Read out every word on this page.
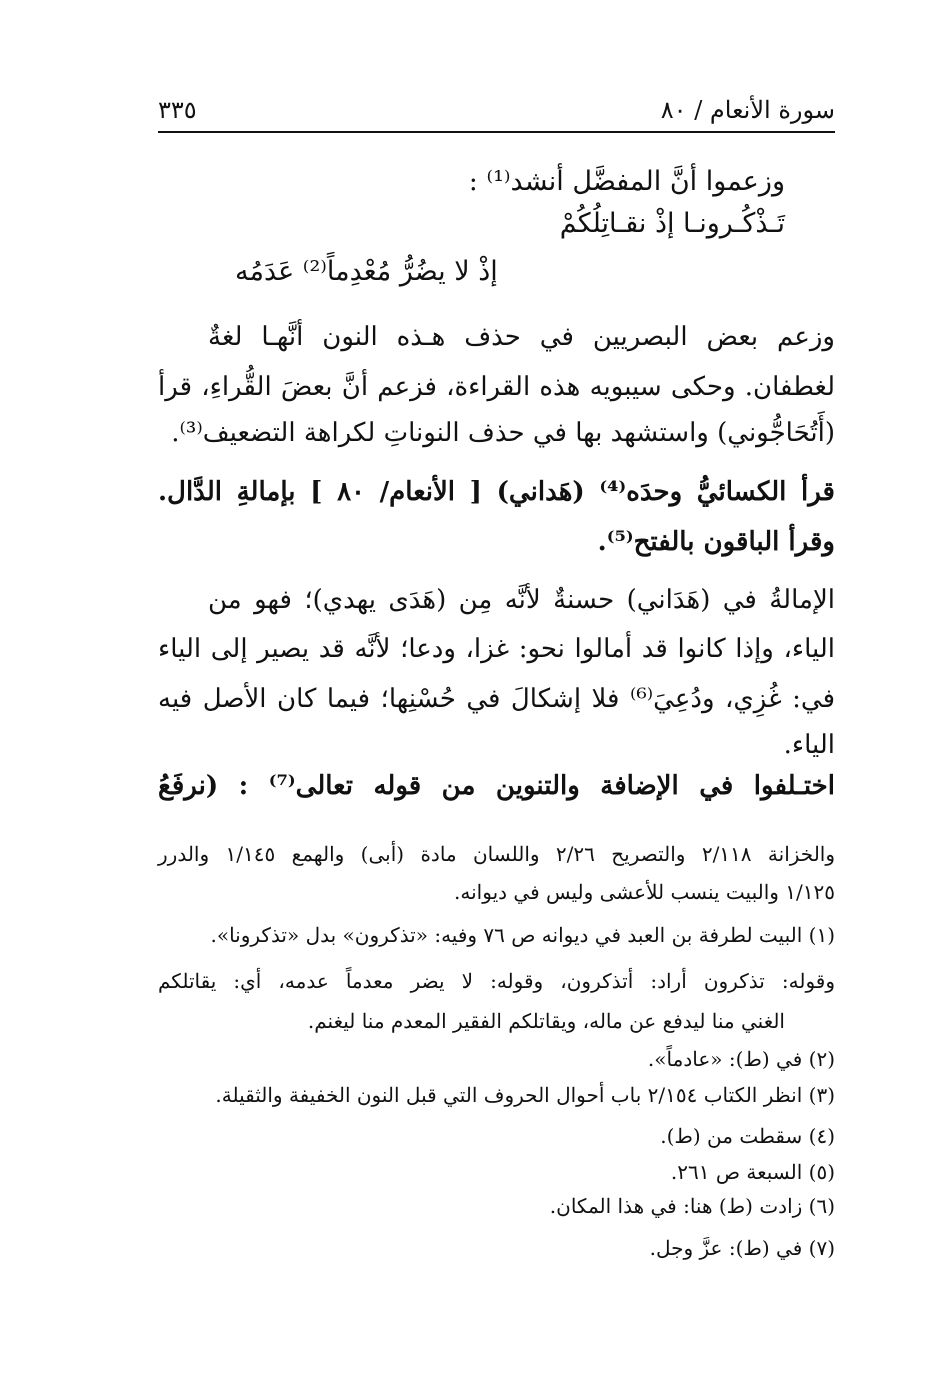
سورة الأنعام / ٨٠
٣٣٥
وزعموا أنَّ المفضَّل أنشد⁽¹⁾ :
تَـذْكُـرونـا إذْ نقـاتِلُكُمْ
إذْ لا يضُرُّ مُعْدِماً⁽²⁾ عَدَمُه
وزعم بعض البصريين في حذف هـذه النون أنَّهـا لغةٌ
لغطفان. وحكى سيبويه هذه القراءة، فزعم أنَّ بعضَ القُّراءِ، قرأ
(أَتُحَاجُّوني) واستشهد بها في حذف النوناتِ لكراهة التضعيف⁽³⁾.
قرأ الكسائيُّ وحدَه⁽⁴⁾ (هَداني) [ الأنعام/ ٨٠ ] بإمالةِ الدَّال.
وقرأ الباقون بالفتح⁽⁵⁾.
الإمالةُ في (هَدَاني) حسنةٌ لأنَّه مِن (هَدَى يهدي)؛ فهو من
الياء، وإذا كانوا قد أمالوا نحو: غزا، ودعا؛ لأنَّه قد يصير إلى الياء
في: غُزِي، ودُعِيَ⁽⁶⁾ فلا إشكالَ في حُسْنِها؛ فيما كان الأصل فيه
الياء.
اختـلفوا في الإضافة والتنوين من قوله تعالى⁽⁷⁾ : (نرفَعُ
والخزانة ٢/١١٨ والتصريح ٢/٢٦ واللسان مادة (أبى) والهمع ١/١٤٥ والدرر
١/١٢٥ والبيت ينسب للأعشى وليس في ديوانه.
(١) البيت لطرفة بن العبد في ديوانه ص ٧٦ وفيه: «تذكرون» بدل «تذكرونا».
وقوله: تذكرون أراد: أتذكرون، وقوله: لا يضر معدماً عدمه، أي: يقاتلكم
الغني منا ليدفع عن ماله، ويقاتلكم الفقير المعدم منا ليغنم.
(٢) في (ط): «عادماً».
(٣) انظر الكتاب ٢/١٥٤ باب أحوال الحروف التي قبل النون الخفيفة والثقيلة.
(٤) سقطت من (ط).
(٥) السبعة ص ٢٦١.
(٦) زادت (ط) هنا: في هذا المكان.
(٧) في (ط): عزَّ وجل.
